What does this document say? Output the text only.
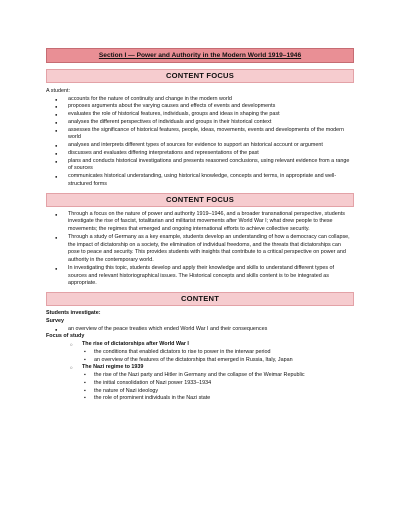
Section I — Power and Authority in the Modern World 1919–1946
CONTENT FOCUS
A student:
● accounts for the nature of continuity and change in the modern world
● proposes arguments about the varying causes and effects of events and developments
● evaluates the role of historical features, individuals, groups and ideas in shaping the past
● analyses the different perspectives of individuals and groups in their historical context
● assesses the significance of historical features, people, ideas, movements, events and developments of the modern world
● analyses and interprets different types of sources for evidence to support an historical account or argument
● discusses and evaluates differing interpretations and representations of the past
● plans and conducts historical investigations and presents reasoned conclusions, using relevant evidence from a range of sources
● communicates historical understanding, using historical knowledge, concepts and terms, in appropriate and well-structured forms
CONTENT FOCUS
● Through a focus on the nature of power and authority 1919–1946, and a broader transnational perspective, students investigate the rise of fascist, totalitarian and militarist movements after World War I; what drew people to these movements; the regimes that emerged and ongoing international efforts to achieve collective security.
● Through a study of Germany as a key example, students develop an understanding of how a democracy can collapse, the impact of dictatorship on a society, the elimination of individual freedoms, and the threats that dictatorships can pose to peace and security. This provides students with insights that contribute to a critical perspective on power and authority in the contemporary world.
● In investigating this topic, students develop and apply their knowledge and skills to understand different types of sources and relevant historiographical issues. The Historical concepts and skills content is to be integrated as appropriate.
CONTENT
Students investigate:
Survey
● an overview of the peace treaties which ended World War I and their consequences
Focus of study
○ The rise of dictatorships after World War I
▪ the conditions that enabled dictators to rise to power in the interwar period
▪ an overview of the features of the dictatorships that emerged in Russia, Italy, Japan
○ The Nazi regime to 1939
▪ the rise of the Nazi party and Hitler in Germany and the collapse of the Weimar Republic
▪ the initial consolidation of Nazi power 1933–1934
▪ the nature of Nazi ideology
▪ the role of prominent individuals in the Nazi state
